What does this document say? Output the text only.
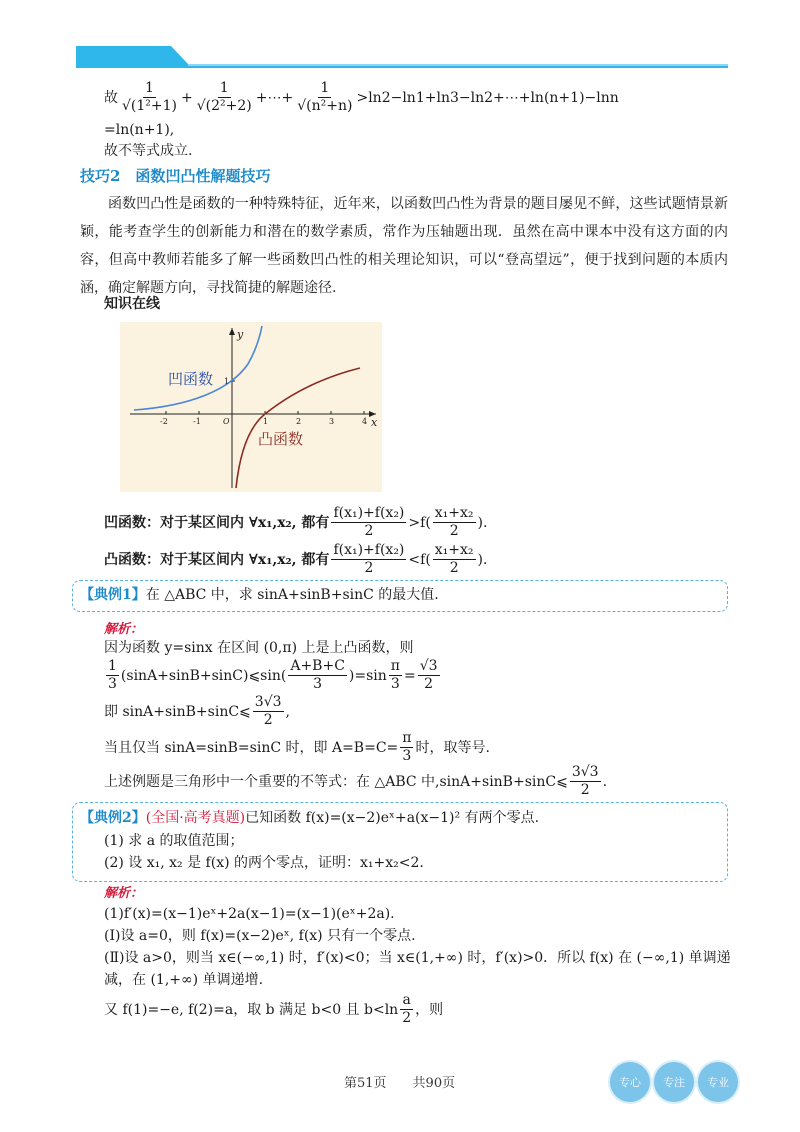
故 $\frac{1}{\text{√(1²+1)}} + \frac{1}{\text{√(2²+2)}}$ +⋯+ $\frac{1}{\text{√(n²+n)}}$ >ln2−ln1+ln3−ln2+⋯+ln(n+1)−lnn
=ln(n+1),
故不等式成立.
技巧2　函数凹凸性解题技巧
函数凹凸性是函数的一种特殊特征，近年来，以函数凹凸性为背景的题目屡见不鲜，这些试题情景新颖，能考查学生的创新能力和潜在的数学素质，常作为压轴题出现．虽然在高中课本中没有这方面的内容，但高中教师若能多了解一些函数凹凸性的相关理论知识，可以“登高望远”，便于找到问题的本质内涵，确定解题方向，寻找简捷的解题途径.
知识在线
y
x
-2	-1	O	1	2	3	4
1
凹函数
凸函数
凹函数：对于某区间内 ∀x₁,x₂, 都有 $\frac{\text{f(x₁)+f(x₂)}}{2} >f( \frac{\text{x₁+x₂}}{2}$ ).
凸函数：对于某区间内 ∀x₁,x₂, 都有 $\frac{\text{f(x₁)+f(x₂)}}{2} <f( \frac{\text{x₁+x₂}}{2}$ ).
【典例1】在 △ABC 中，求 sinA+sinB+sinC 的最大值.
解析：
因为函数 y=sinx 在区间 (0,π) 上是上凸函数，则
$\frac{1}{3}$ (sinA+sinB+sinC)⩽sin( $\frac{A+B+C}{3} )=\sin \frac{\pi}{3} = \frac{√3}{2}$
即 sinA+sinB+sinC⩽ $\frac{3√3}{2}$ ,
当且仅当 sinA=sinB=sinC 时，即 $A=B=C= \frac{\pi}{3}$ 时，取等号.
上述例题是三角形中一个重要的不等式：在 △ABC 中,sinA+sinB+sinC⩽ $\frac{3√3}{2}$ .
【典例2】(全国·高考真题)已知函数 f(x)=(x−2)eˣ+a(x−1)² 有两个零点.
(1) 求 a 的取值范围；
(2) 设 x₁, x₂ 是 f(x) 的两个零点，证明：x₁+x₂<2.
解析：
(1)f′(x)=(x−1)eˣ+2a(x−1)=(x−1)(eˣ+2a).
(Ⅰ)设 a=0，则 f(x)=(x−2)eˣ, f(x) 只有一个零点.
(Ⅱ)设 a>0，则当 x∈(−∞,1) 时，f′(x)<0；当 x∈(1,+∞) 时，f′(x)>0．所以 f(x) 在 (−∞,1) 单调递
减，在 (1,+∞) 单调递增.
又 f(1)=−e, f(2)=a，取 b 满足 b<0 且 $b<\ln \frac{a}{2}$ ，则
第51页　　共90页	专心	专注	专业
